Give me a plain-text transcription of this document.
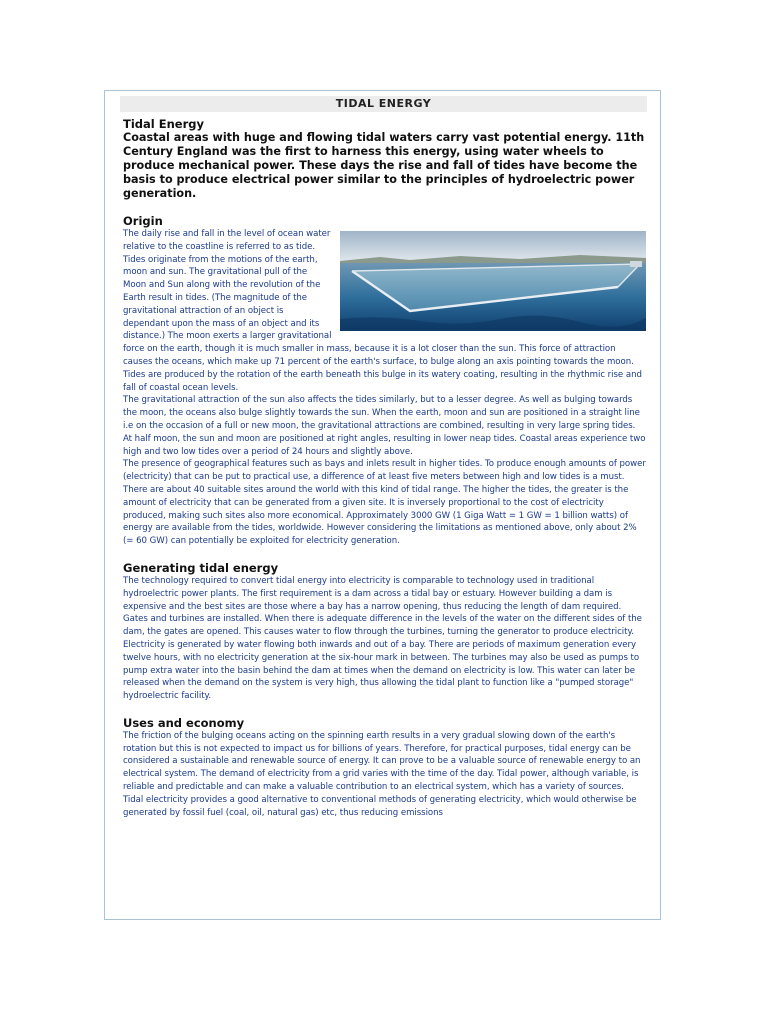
TIDAL ENERGY
Tidal Energy

Coastal areas with huge and flowing tidal waters carry vast potential energy. 11th Century England was the first to harness this energy, using water wheels to produce mechanical power. These days the rise and fall of tides have become the basis to produce electrical power similar to the principles of hydroelectric power generation.

Origin

The daily rise and fall in the level of ocean water relative to the coastline is referred to as tide. Tides originate from the motions of the earth, moon and sun. The gravitational pull of the Moon and Sun along with the revolution of the Earth result in tides. (The magnitude of the gravitational attraction of an object is dependant upon the mass of an object and its distance.) The moon exerts a larger gravitational force on the earth, though it is much smaller in mass, because it is a lot closer than the sun. This force of attraction causes the oceans, which make up 71 percent of the earth's surface, to bulge along an axis pointing towards the moon. Tides are produced by the rotation of the earth beneath this bulge in its watery coating, resulting in the rhythmic rise and fall of coastal ocean levels.

The gravitational attraction of the sun also affects the tides similarly, but to a lesser degree. As well as bulging towards the moon, the oceans also bulge slightly towards the sun. When the earth, moon and sun are positioned in a straight line i.e on the occasion of a full or new moon, the gravitational attractions are combined, resulting in very large spring tides. At half moon, the sun and moon are positioned at right angles, resulting in lower neap tides. Coastal areas experience two high and two low tides over a period of 24 hours and slightly above.

The presence of geographical features such as bays and inlets result in higher tides. To produce enough amounts of power (electricity) that can be put to practical use, a difference of at least five meters between high and low tides is a must. There are about 40 suitable sites around the world with this kind of tidal range. The higher the tides, the greater is the amount of electricity that can be generated from a given site. It is inversely proportional to the cost of electricity produced, making such sites also more economical. Approximately 3000 GW (1 Giga Watt = 1 GW = 1 billion watts) of energy are available from the tides, worldwide. However considering the limitations as mentioned above, only about 2% (= 60 GW) can potentially be exploited for electricity generation.

Generating tidal energy

The technology required to convert tidal energy into electricity is comparable to technology used in traditional hydroelectric power plants. The first requirement is a dam across a tidal bay or estuary. However building a dam is expensive and the best sites are those where a bay has a narrow opening, thus reducing the length of dam required. Gates and turbines are installed. When there is adequate difference in the levels of the water on the different sides of the dam, the gates are opened. This causes water to flow through the turbines, turning the generator to produce electricity.

Electricity is generated by water flowing both inwards and out of a bay. There are periods of maximum generation every twelve hours, with no electricity generation at the six-hour mark in between. The turbines may also be used as pumps to pump extra water into the basin behind the dam at times when the demand on electricity is low. This water can later be released when the demand on the system is very high, thus allowing the tidal plant to function like a "pumped storage" hydroelectric facility.

Uses and economy

The friction of the bulging oceans acting on the spinning earth results in a very gradual slowing down of the earth's rotation but this is not expected to impact us for billions of years. Therefore, for practical purposes, tidal energy can be considered a sustainable and renewable source of energy. It can prove to be a valuable source of renewable energy to an electrical system. The demand of electricity from a grid varies with the time of the day. Tidal power, although variable, is reliable and predictable and can make a valuable contribution to an electrical system, which has a variety of sources. Tidal electricity provides a good alternative to conventional methods of generating electricity, which would otherwise be generated by fossil fuel (coal, oil, natural gas) etc, thus reducing emissions
